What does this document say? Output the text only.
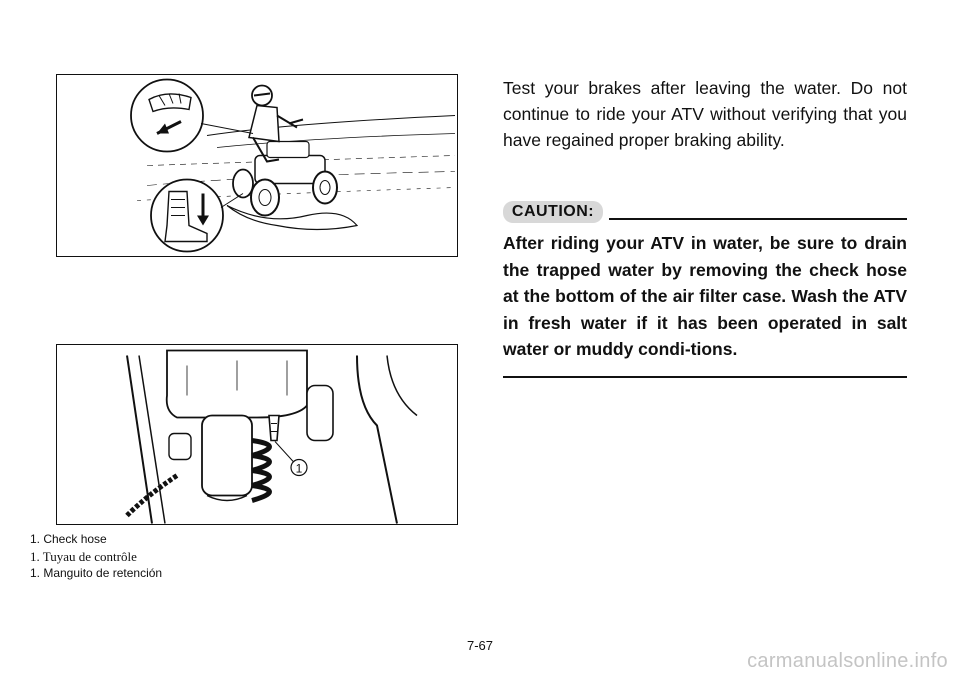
1
1. Check hose
1. Tuyau de contrôle
1. Manguito de retención
Test your brakes after leaving the water. Do not continue to ride your ATV without verifying that you have regained proper braking ability.
CAUTION:
After riding your ATV in water, be sure to drain the trapped water by removing the check hose at the bottom of the air filter case. Wash the ATV in fresh water if it has been operated in salt water or muddy condi-tions.
7-67
carmanualsonline.info
